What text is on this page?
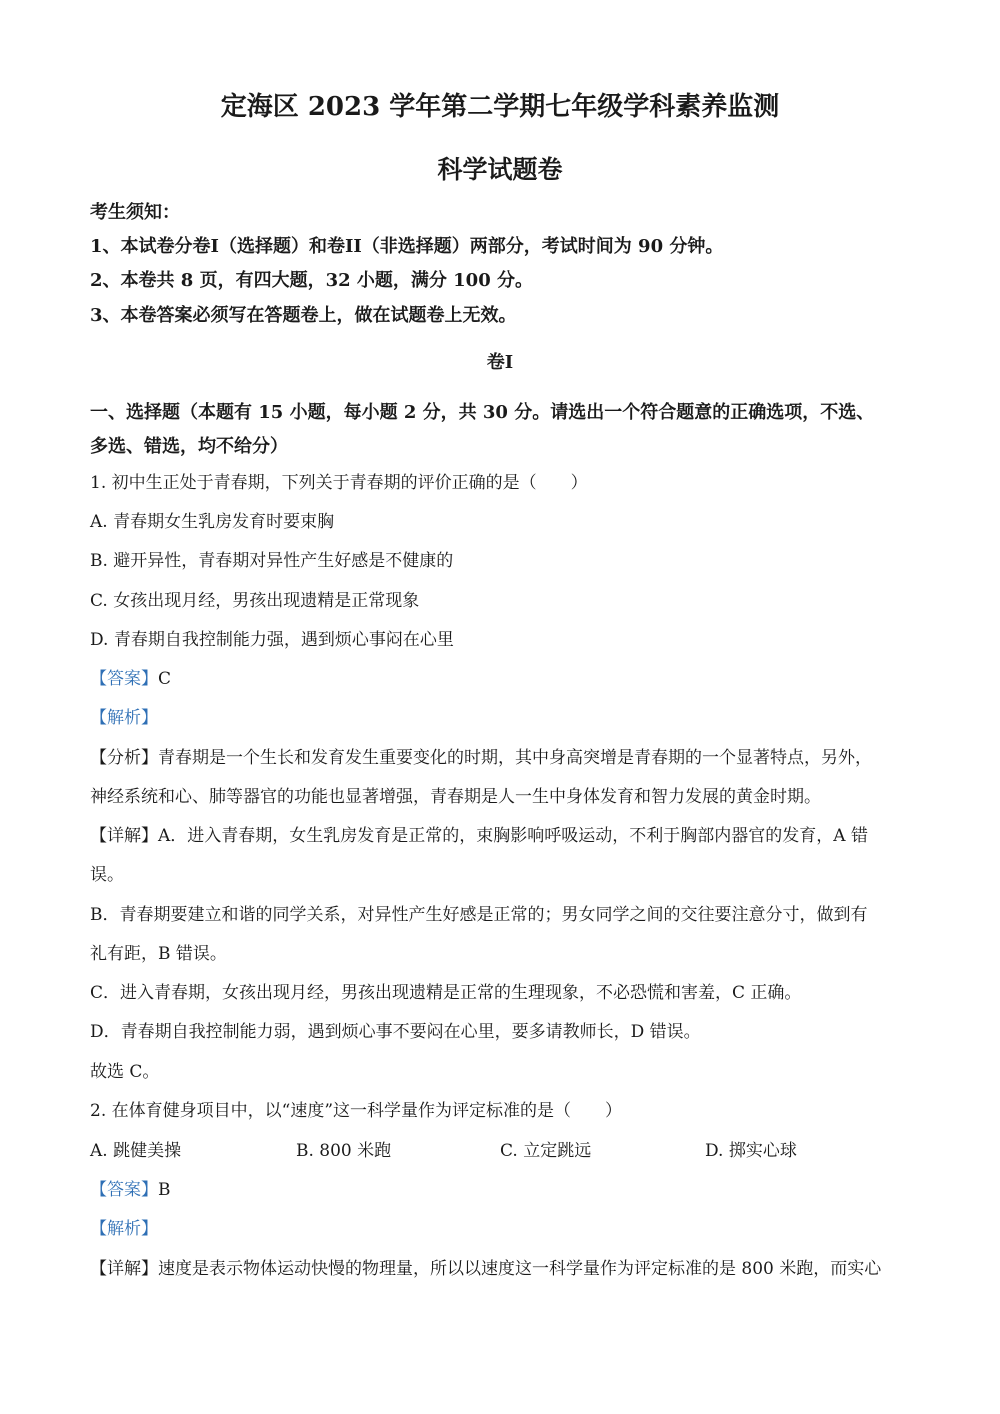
定海区 2023 学年第二学期七年级学科素养监测
科学试题卷
考生须知：
1、本试卷分卷I（选择题）和卷II（非选择题）两部分，考试时间为 90 分钟。
2、本卷共 8 页，有四大题，32 小题，满分 100 分。
3、本卷答案必须写在答题卷上，做在试题卷上无效。
卷I
一、选择题（本题有 15 小题，每小题 2 分，共 30 分。请选出一个符合题意的正确选项，不选、
多选、错选，均不给分）
1. 初中生正处于青春期，下列关于青春期的评价正确的是（　　）
A. 青春期女生乳房发育时要束胸
B. 避开异性，青春期对异性产生好感是不健康的
C. 女孩出现月经，男孩出现遗精是正常现象
D. 青春期自我控制能力强，遇到烦心事闷在心里
【答案】C
【解析】
【分析】青春期是一个生长和发育发生重要变化的时期，其中身高突增是青春期的一个显著特点，另外，
神经系统和心、肺等器官的功能也显著增强，青春期是人一生中身体发育和智力发展的黄金时期。
【详解】A．进入青春期，女生乳房发育是正常的，束胸影响呼吸运动，不利于胸部内器官的发育，A 错
误。
B．青春期要建立和谐的同学关系，对异性产生好感是正常的；男女同学之间的交往要注意分寸，做到有
礼有距，B 错误。
C．进入青春期，女孩出现月经，男孩出现遗精是正常的生理现象，不必恐慌和害羞，C 正确。
D．青春期自我控制能力弱，遇到烦心事不要闷在心里，要多请教师长，D 错误。
故选 C。
2. 在体育健身项目中，以“速度”这一科学量作为评定标准的是（　　）
A. 跳健美操	B. 800 米跑	C. 立定跳远	D. 掷实心球
【答案】B
【解析】
【详解】速度是表示物体运动快慢的物理量，所以以速度这一科学量作为评定标准的是 800 米跑，而实心
